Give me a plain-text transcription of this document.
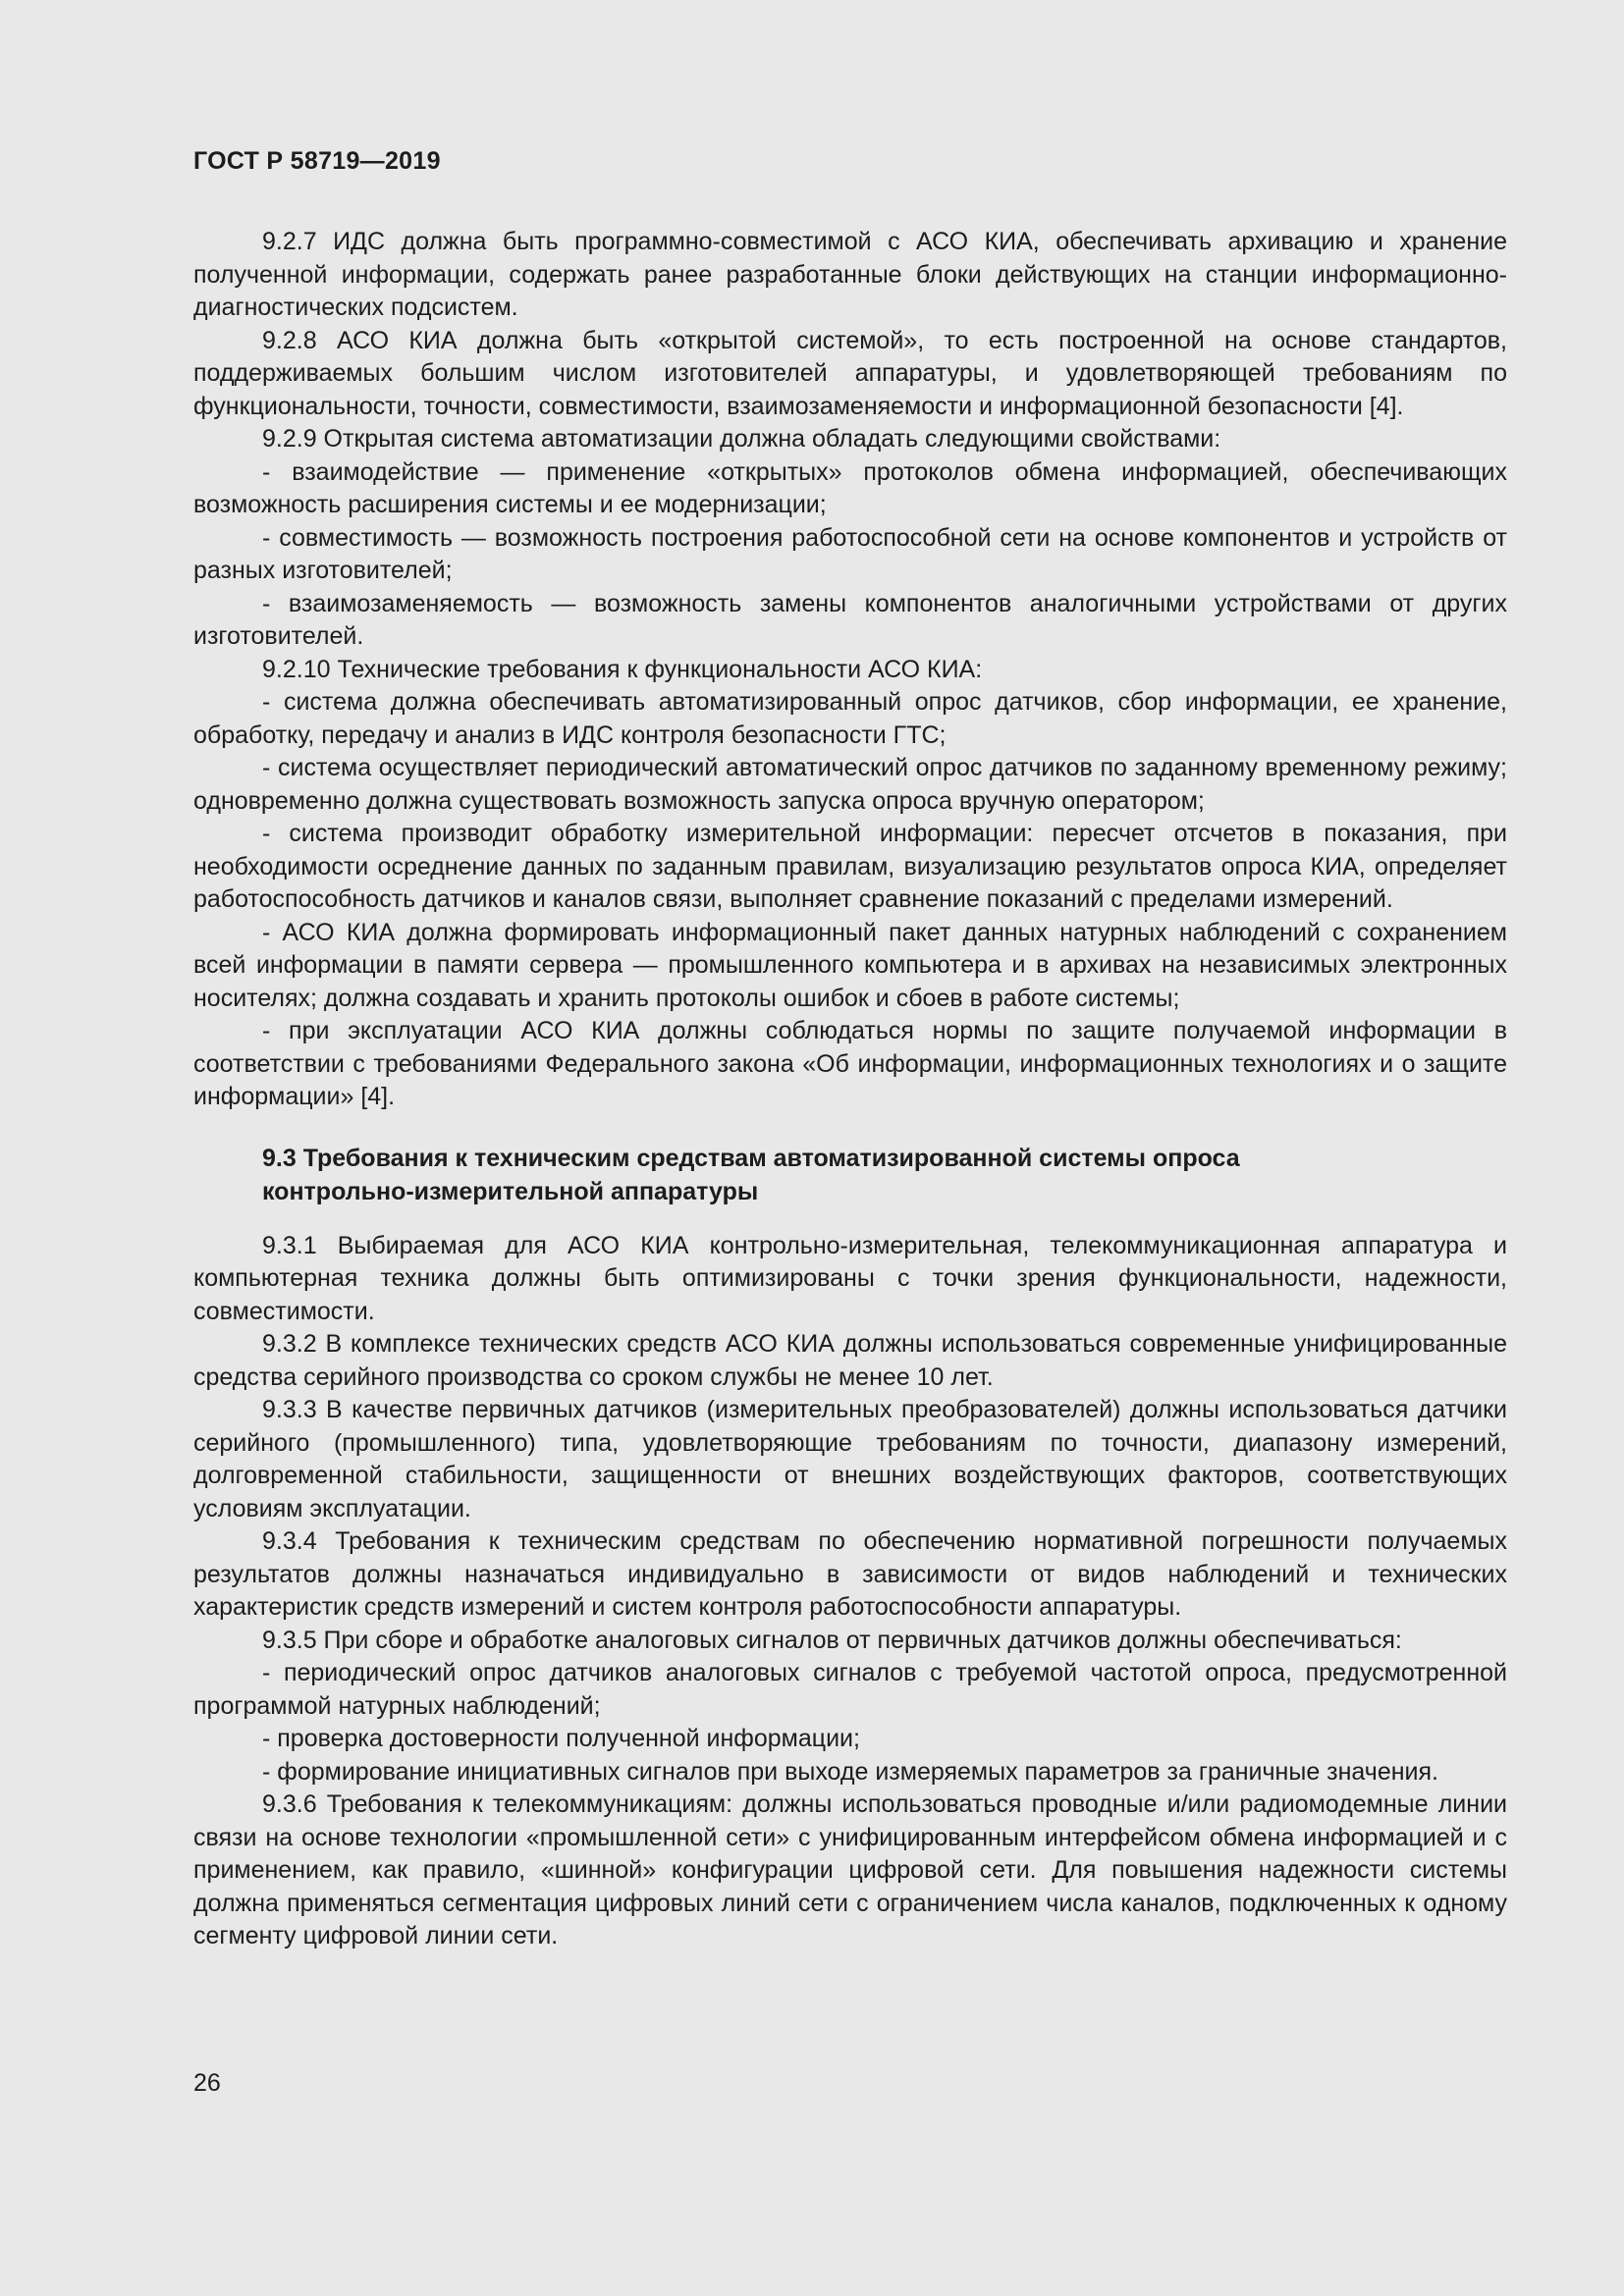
ГОСТ Р 58719—2019

9.2.7 ИДС должна быть программно-совместимой с АСО КИА, обеспечивать архивацию и хранение полученной информации, содержать ранее разработанные блоки действующих на станции информационно-диагностических подсистем.

9.2.8 АСО КИА должна быть «открытой системой», то есть построенной на основе стандартов, поддерживаемых большим числом изготовителей аппаратуры, и удовлетворяющей требованиям по функциональности, точности, совместимости, взаимозаменяемости и информационной безопасности [4].

9.2.9 Открытая система автоматизации должна обладать следующими свойствами:

- взаимодействие — применение «открытых» протоколов обмена информацией, обеспечивающих возможность расширения системы и ее модернизации;

- совместимость — возможность построения работоспособной сети на основе компонентов и устройств от разных изготовителей;

- взаимозаменяемость — возможность замены компонентов аналогичными устройствами от других изготовителей.

9.2.10 Технические требования к функциональности АСО КИА:

- система должна обеспечивать автоматизированный опрос датчиков, сбор информации, ее хранение, обработку, передачу и анализ в ИДС контроля безопасности ГТС;

- система осуществляет периодический автоматический опрос датчиков по заданному временному режиму; одновременно должна существовать возможность запуска опроса вручную оператором;

- система производит обработку измерительной информации: пересчет отсчетов в показания, при необходимости осреднение данных по заданным правилам, визуализацию результатов опроса КИА, определяет работоспособность датчиков и каналов связи, выполняет сравнение показаний с пределами измерений.

- АСО КИА должна формировать информационный пакет данных натурных наблюдений с сохранением всей информации в памяти сервера — промышленного компьютера и в архивах на независимых электронных носителях; должна создавать и хранить протоколы ошибок и сбоев в работе системы;

- при эксплуатации АСО КИА должны соблюдаться нормы по защите получаемой информации в соответствии с требованиями Федерального закона «Об информации, информационных технологиях и о защите информации» [4].

9.3 Требования к техническим средствам автоматизированной системы опроса
контрольно-измерительной аппаратуры

9.3.1 Выбираемая для АСО КИА контрольно-измерительная, телекоммуникационная аппаратура и компьютерная техника должны быть оптимизированы с точки зрения функциональности, надежности, совместимости.

9.3.2 В комплексе технических средств АСО КИА должны использоваться современные унифицированные средства серийного производства со сроком службы не менее 10 лет.

9.3.3 В качестве первичных датчиков (измерительных преобразователей) должны использоваться датчики серийного (промышленного) типа, удовлетворяющие требованиям по точности, диапазону измерений, долговременной стабильности, защищенности от внешних воздействующих факторов, соответствующих условиям эксплуатации.

9.3.4 Требования к техническим средствам по обеспечению нормативной погрешности получаемых результатов должны назначаться индивидуально в зависимости от видов наблюдений и технических характеристик средств измерений и систем контроля работоспособности аппаратуры.

9.3.5 При сборе и обработке аналоговых сигналов от первичных датчиков должны обеспечиваться:

- периодический опрос датчиков аналоговых сигналов с требуемой частотой опроса, предусмотренной программой натурных наблюдений;

- проверка достоверности полученной информации;

- формирование инициативных сигналов при выходе измеряемых параметров за граничные значения.

9.3.6 Требования к телекоммуникациям: должны использоваться проводные и/или радиомодемные линии связи на основе технологии «промышленной сети» с унифицированным интерфейсом обмена информацией и с применением, как правило, «шинной» конфигурации цифровой сети. Для повышения надежности системы должна применяться сегментация цифровых линий сети с ограничением числа каналов, подключенных к одному сегменту цифровой линии сети.

26
